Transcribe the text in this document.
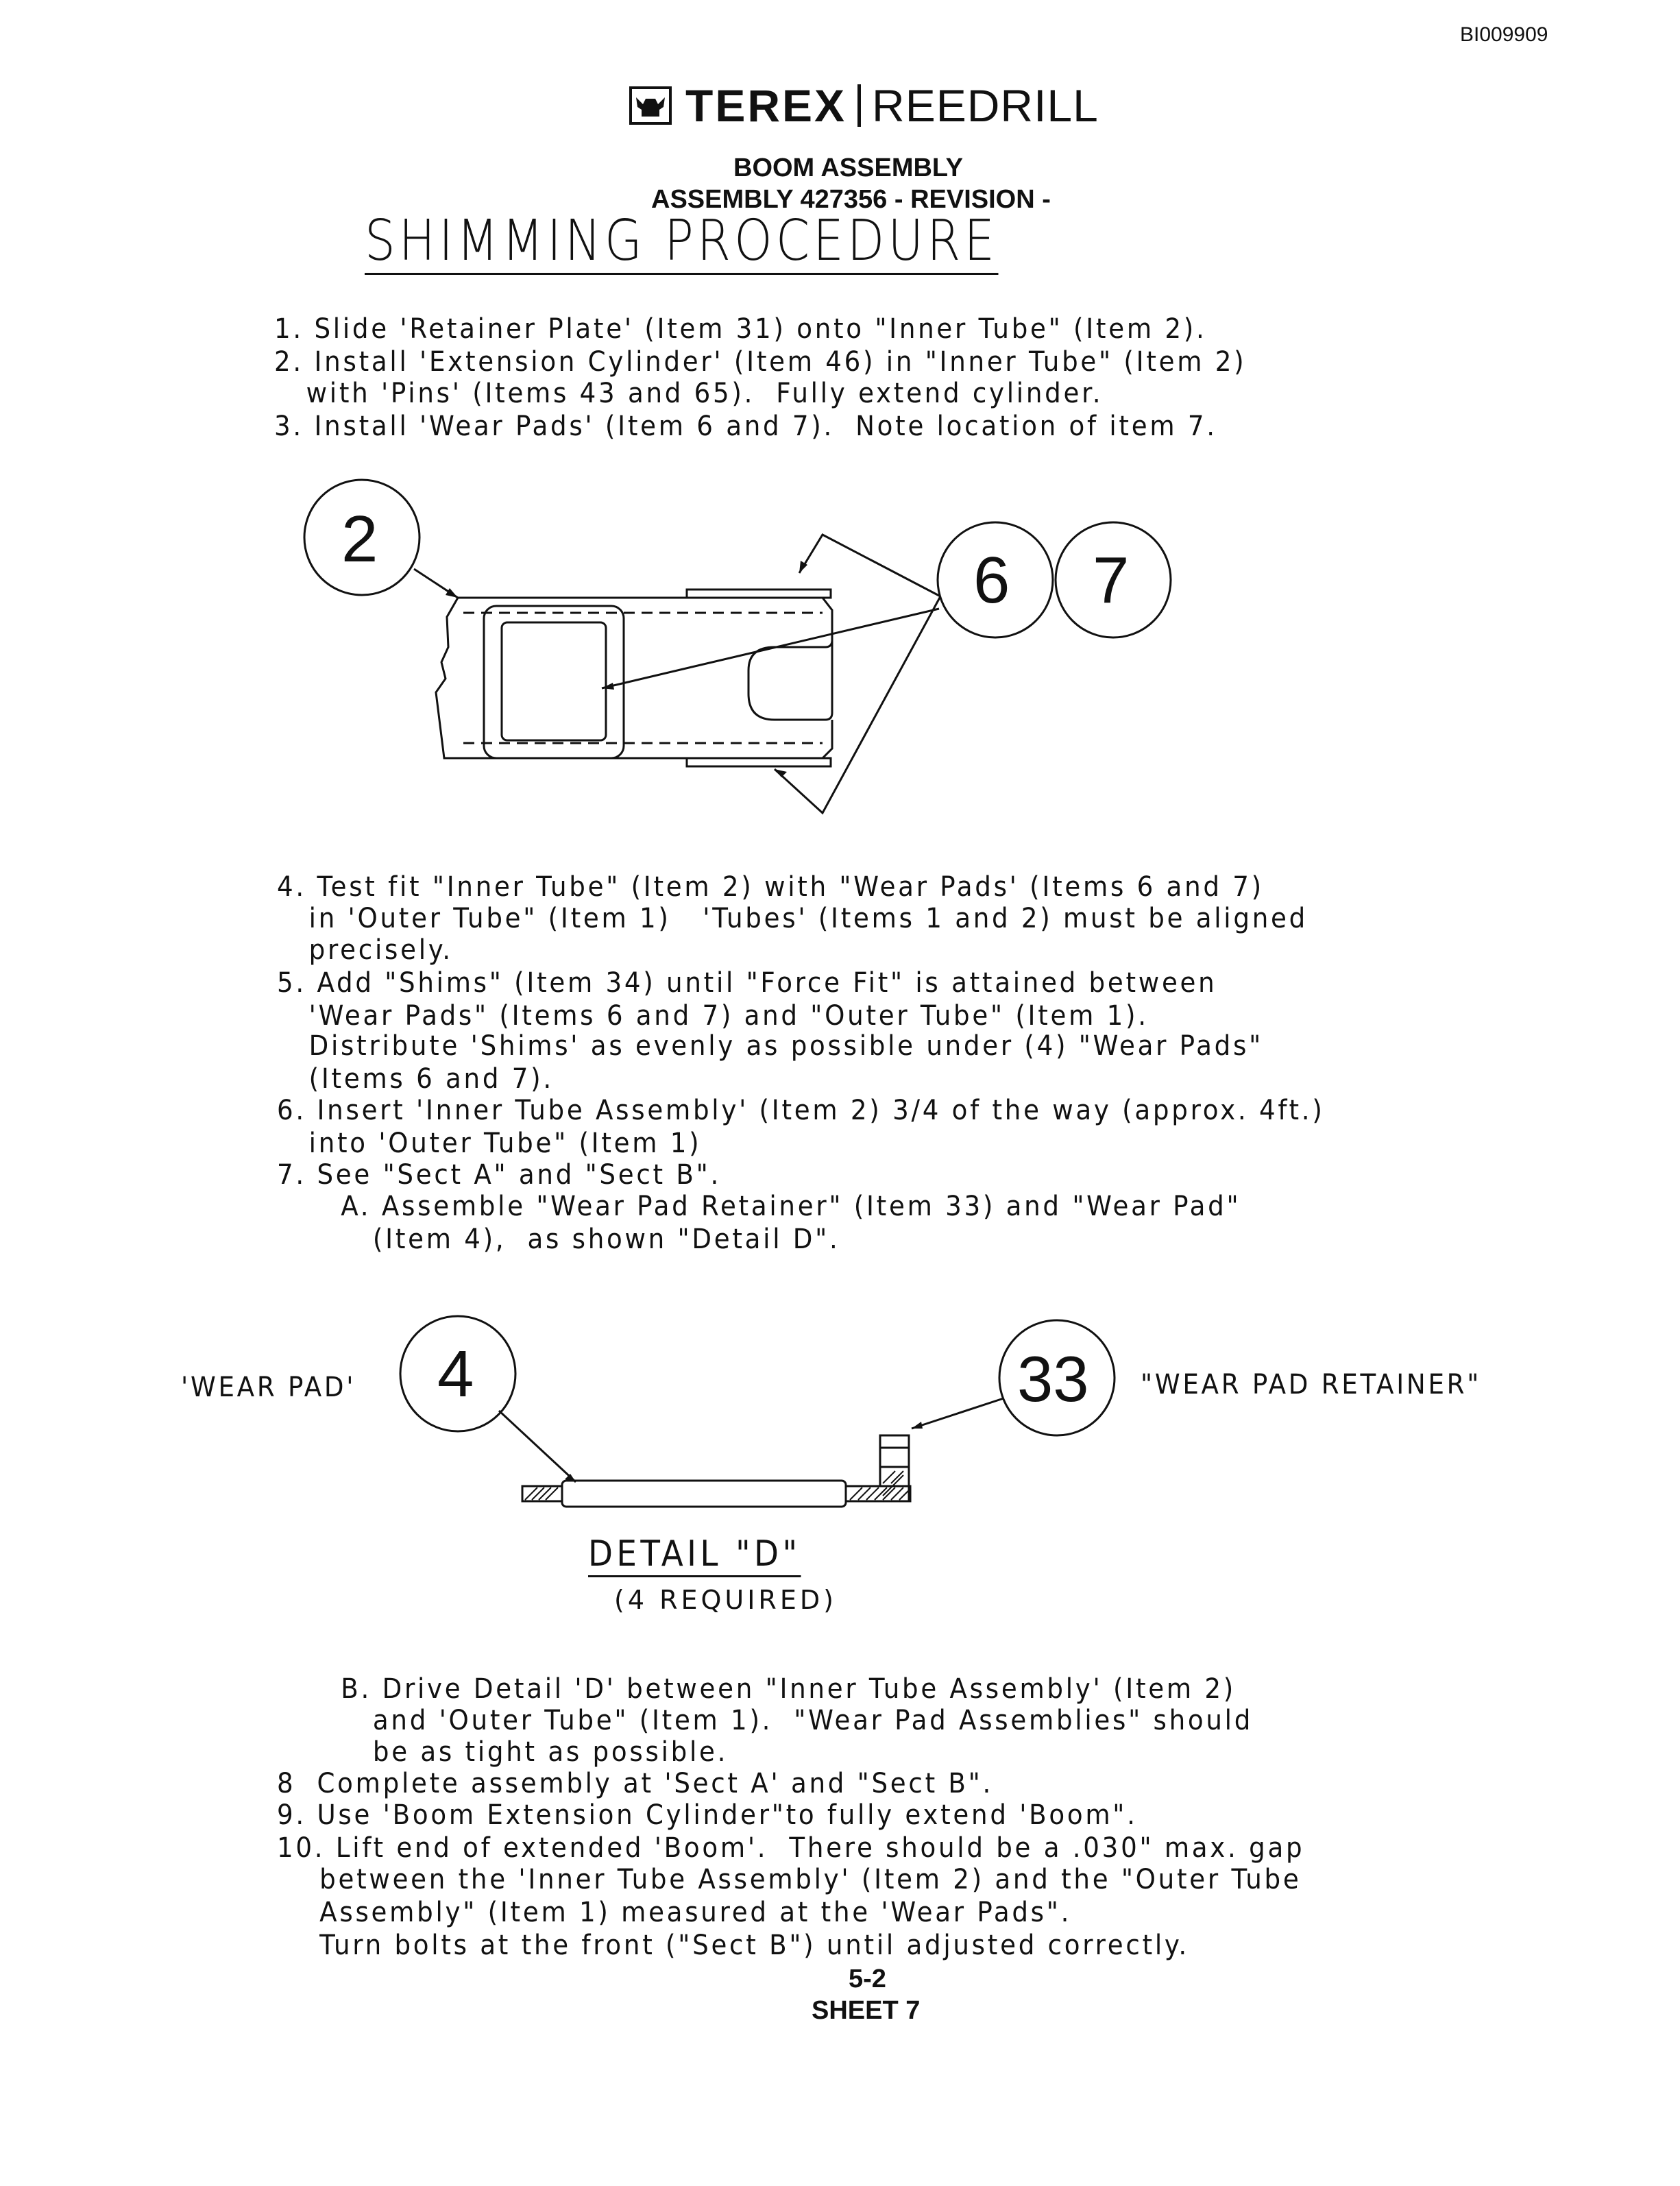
BI009909
TEREX REEDRILL
BOOM ASSEMBLY
ASSEMBLY 427356 - REVISION -
SHIMMING PROCEDURE
1. Slide 'Retainer Plate' (Item 31) onto "Inner Tube" (Item 2).
2. Install 'Extension Cylinder' (Item 46) in "Inner Tube" (Item 2)
with 'Pins' (Items 43 and 65).  Fully extend cylinder.
3. Install 'Wear Pads' (Item 6 and 7).  Note location of item 7.
2
6 7
4	33
4. Test fit "Inner Tube" (Item 2) with "Wear Pads' (Items 6 and 7)
in 'Outer Tube" (Item 1)   'Tubes' (Items 1 and 2) must be aligned
precisely.
5. Add "Shims" (Item 34) until "Force Fit" is attained between
'Wear Pads" (Items 6 and 7) and "Outer Tube" (Item 1).
Distribute 'Shims' as evenly as possible under (4) "Wear Pads"
(Items 6 and 7).
6. Insert 'Inner Tube Assembly' (Item 2) 3/4 of the way (approx. 4ft.)
into 'Outer Tube" (Item 1)
7. See "Sect A" and "Sect B".
A. Assemble "Wear Pad Retainer" (Item 33) and "Wear Pad"
(Item 4),  as shown "Detail D".
'WEAR PAD'	"WEAR PAD RETAINER"
DETAIL "D"
(4 REQUIRED)
B. Drive Detail 'D' between "Inner Tube Assembly' (Item 2)
and 'Outer Tube" (Item 1).  "Wear Pad Assemblies" should
be as tight as possible.
8  Complete assembly at 'Sect A' and "Sect B".
9. Use 'Boom Extension Cylinder"to fully extend 'Boom".
10. Lift end of extended 'Boom'.  There should be a .030" max. gap
between the 'Inner Tube Assembly' (Item 2) and the "Outer Tube
Assembly" (Item 1) measured at the 'Wear Pads".
Turn bolts at the front ("Sect B") until adjusted correctly.
5-2
SHEET 7
